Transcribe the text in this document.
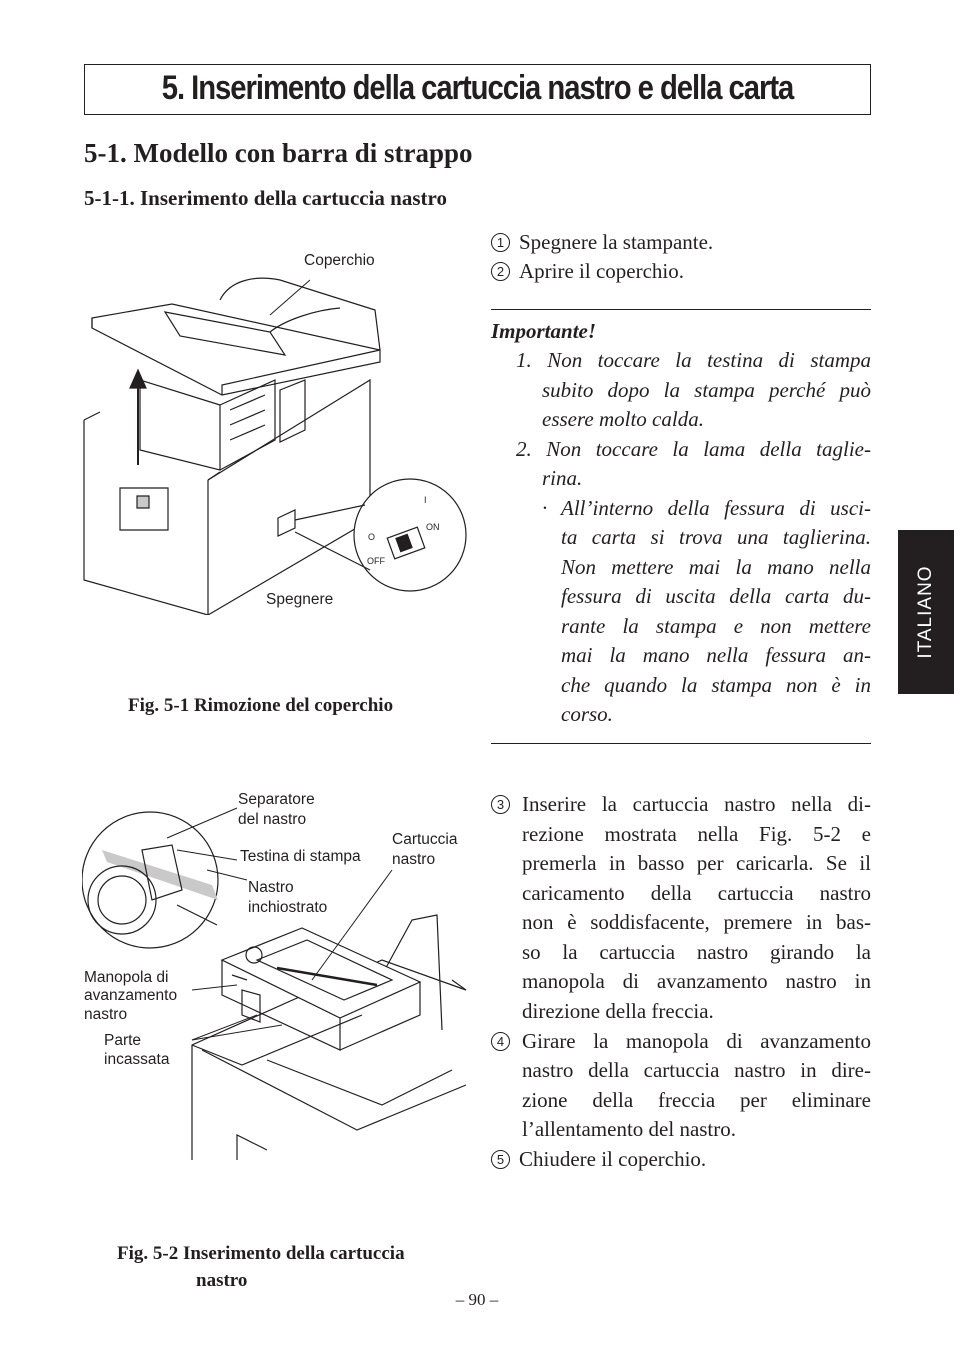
5. Inserimento della cartuccia nastro e della carta
5-1. Modello con barra di strappo
5-1-1. Inserimento della cartuccia nastro
ITALIANO
1 Spegnere la stampante.
2 Aprire il coperchio.
Importante!
1. Non toccare la testina di stampa
subito dopo la stampa perché può
essere molto calda.
2. Non toccare la lama della taglie-
rina.
· All’interno della fessura di usci-
ta carta si trova una taglierina.
Non mettere mai la mano nella
fessura di uscita della carta du-
rante la stampa e non mettere
mai la mano nella fessura an-
che quando la stampa non è in
corso.
3 Inserire la cartuccia nastro nella di-
rezione mostrata nella Fig. 5-2 e
premerla in basso per caricarla. Se il
caricamento della cartuccia nastro
non è soddisfacente, premere in bas-
so la cartuccia nastro girando la
manopola di avanzamento nastro in
direzione della freccia.
4 Girare la manopola di avanzamento
nastro della cartuccia nastro in dire-
zione della freccia per eliminare
l’allentamento del nastro.
5 Chiudere il coperchio.
Coperchio
Spegnere
O
OFF
I
ON
Fig. 5-1 Rimozione del coperchio
Separatore
del nastro
Testina di stampa
Cartuccia
nastro
Nastro
inchiostrato
Manopola di
avanzamento
nastro
Parte
incassata
Fig. 5-2 Inserimento della cartuccia
nastro
– 90 –
